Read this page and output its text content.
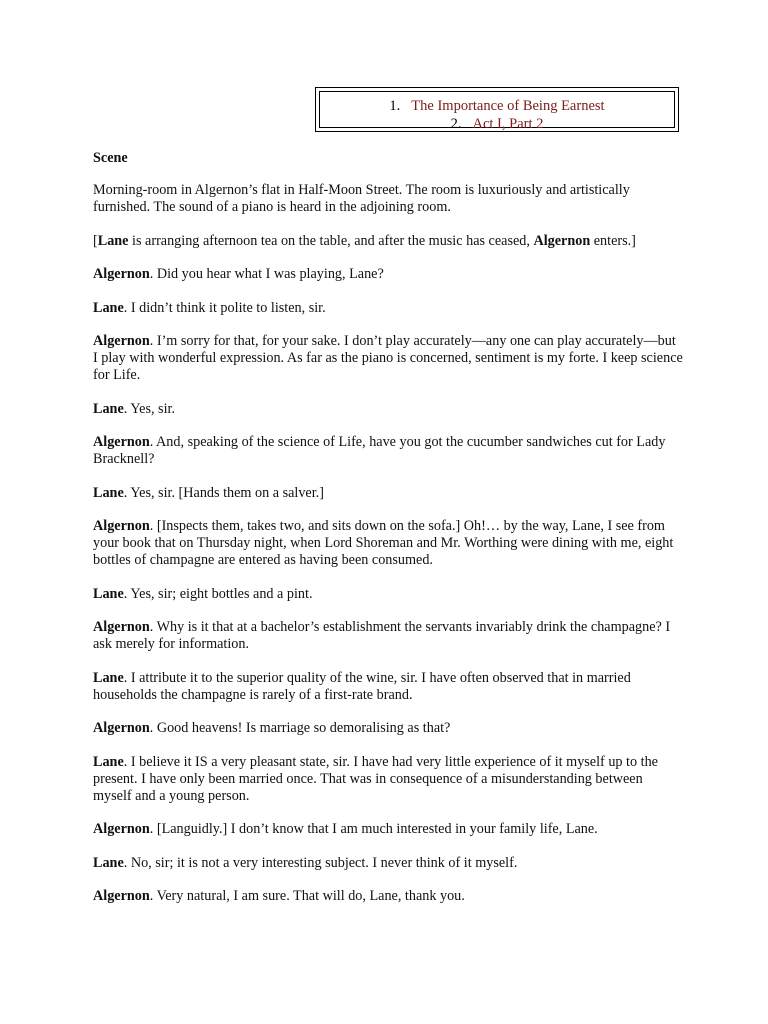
1. The Importance of Being Earnest
2. Act I, Part 2

Scene

Morning-room in Algernon’s flat in Half-Moon Street. The room is luxuriously and artistically furnished. The sound of a piano is heard in the adjoining room.

[Lane is arranging afternoon tea on the table, and after the music has ceased, Algernon enters.]

Algernon. Did you hear what I was playing, Lane?

Lane. I didn’t think it polite to listen, sir.

Algernon. I’m sorry for that, for your sake. I don’t play accurately—any one can play accurately—but I play with wonderful expression. As far as the piano is concerned, sentiment is my forte. I keep science for Life.

Lane. Yes, sir.

Algernon. And, speaking of the science of Life, have you got the cucumber sandwiches cut for Lady Bracknell?

Lane. Yes, sir. [Hands them on a salver.]

Algernon. [Inspects them, takes two, and sits down on the sofa.] Oh!… by the way, Lane, I see from your book that on Thursday night, when Lord Shoreman and Mr. Worthing were dining with me, eight bottles of champagne are entered as having been consumed.

Lane. Yes, sir; eight bottles and a pint.

Algernon. Why is it that at a bachelor’s establishment the servants invariably drink the champagne? I ask merely for information.

Lane. I attribute it to the superior quality of the wine, sir. I have often observed that in married households the champagne is rarely of a first-rate brand.

Algernon. Good heavens! Is marriage so demoralising as that?

Lane. I believe it IS a very pleasant state, sir. I have had very little experience of it myself up to the present. I have only been married once. That was in consequence of a misunderstanding between myself and a young person.

Algernon. [Languidly.] I don’t know that I am much interested in your family life, Lane.

Lane. No, sir; it is not a very interesting subject. I never think of it myself.

Algernon. Very natural, I am sure. That will do, Lane, thank you.
